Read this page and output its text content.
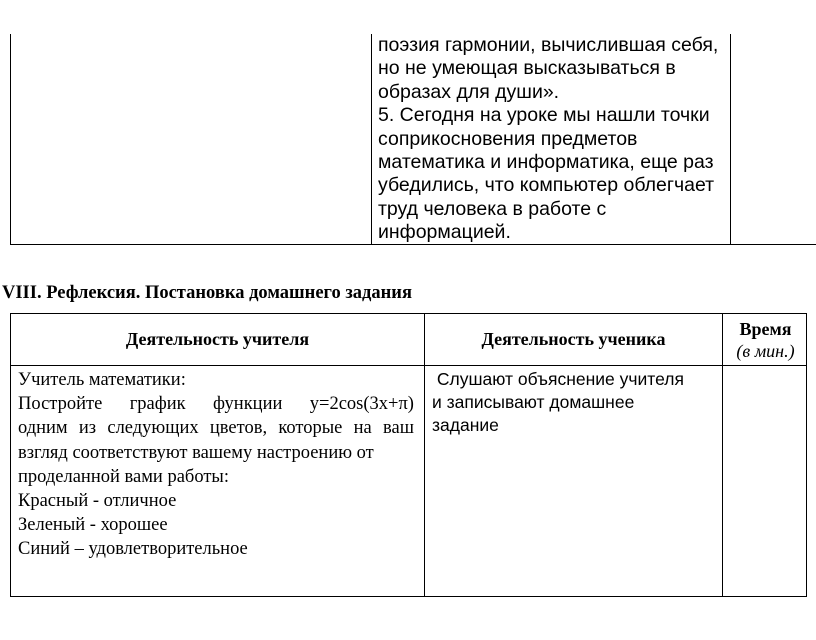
поэзия гармонии, вычислившая себя,

но не умеющая высказываться в

образах для души».

5. Сегодня на уроке мы нашли точки

соприкосновения предметов

математика и информатика, еще раз

убедились, что компьютер облегчает

труд человека в работе с

информацией.

VIII. Рефлексия. Постановка домашнего задания
Деятельность учителя	Деятельность ученика	Время
(в мин.)
Учитель математики:
Постройте график функции y=2cos(3x+π)
одним из следующих цветов, которые на ваш
взгляд соответствуют вашему настроению от
проделанной вами работы:
Красный - отличное
Зеленый - хорошее
Синий – удовлетворительное
Слушают объяснение учителя
и записывают домашнее
задание
